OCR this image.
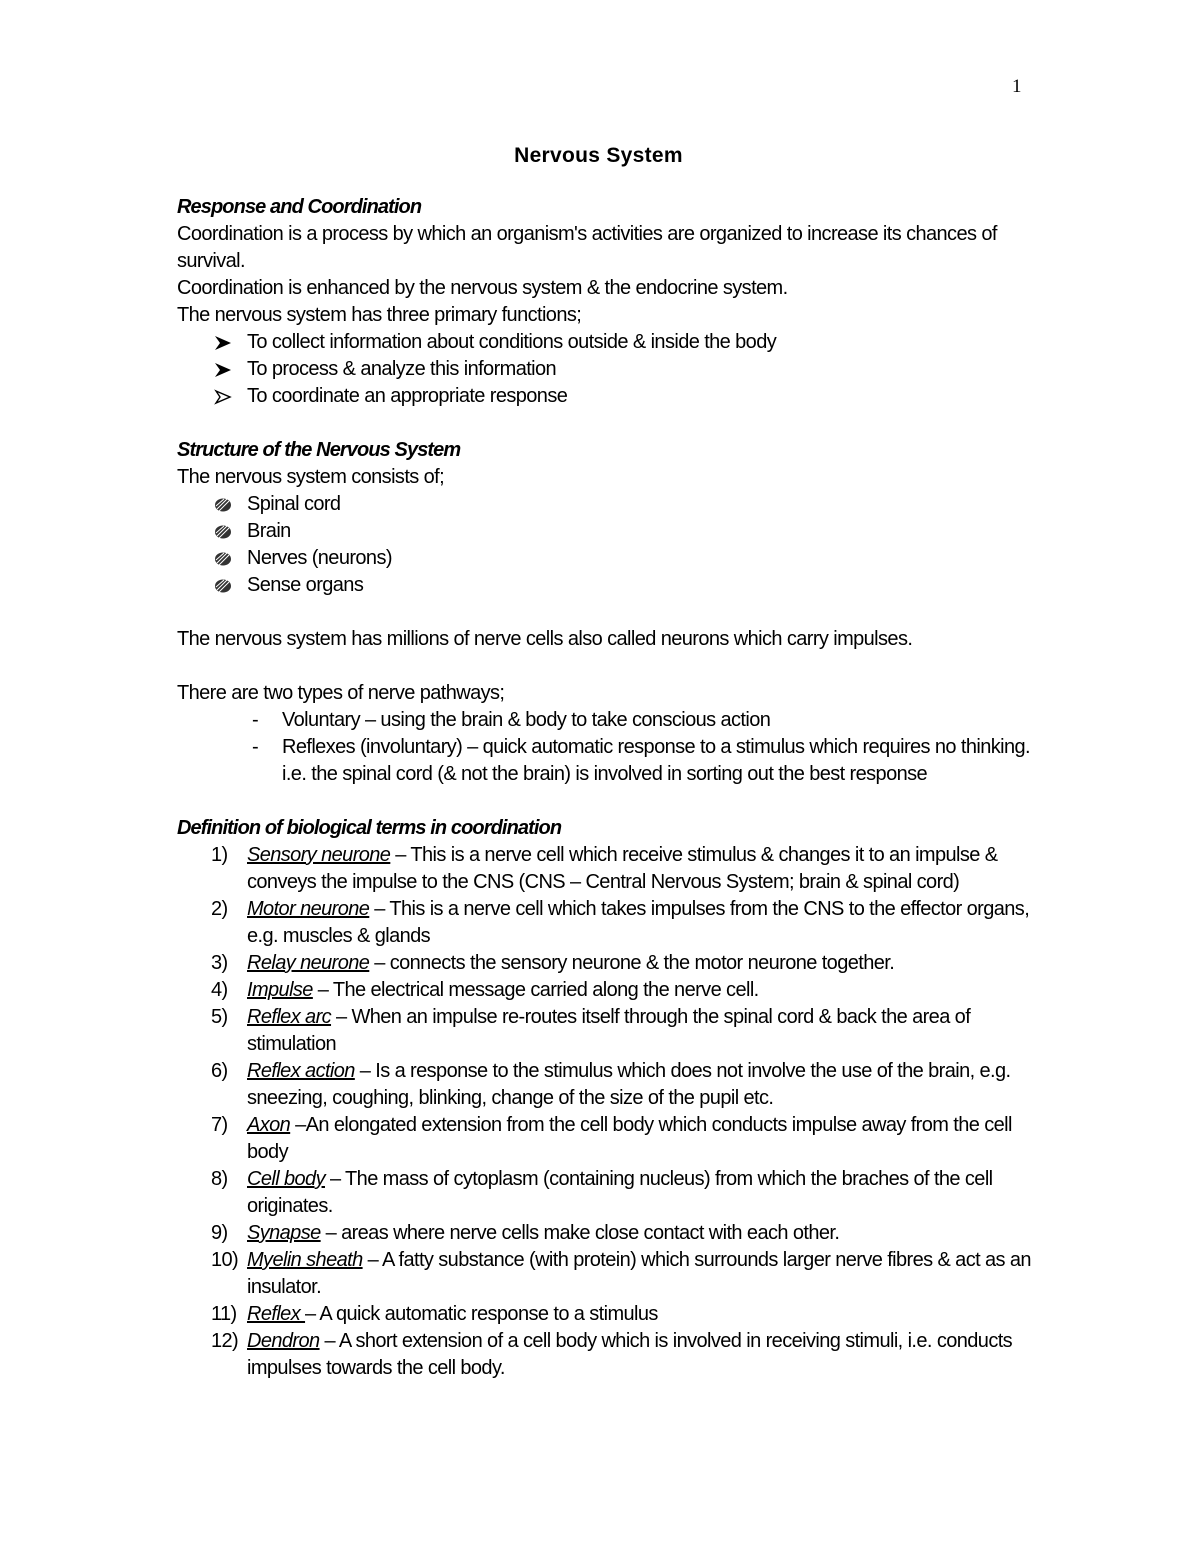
1
Nervous System

Response and Coordination

Coordination is a process by which an organism's activities are organized to increase its chances of survival.

Coordination is enhanced by the nervous system & the endocrine system.

The nervous system has three primary functions;

To collect information about conditions outside & inside the body
To process & analyze this information
To coordinate an appropriate response

Structure of the Nervous System

The nervous system consists of;

Spinal cord
Brain
Nerves (neurons)
Sense organs

The nervous system has millions of nerve cells also called neurons which carry impulses.

There are two types of nerve pathways;

- Voluntary – using the brain & body to take conscious action
- Reflexes (involuntary) – quick automatic response to a stimulus which requires no thinking. i.e. the spinal cord (& not the brain) is involved in sorting out the best response

Definition of biological terms in coordination

1) Sensory neurone – This is a nerve cell which receive stimulus & changes it to an impulse & conveys the impulse to the CNS (CNS – Central Nervous System; brain & spinal cord)
2) Motor neurone – This is a nerve cell which takes impulses from the CNS to the effector organs, e.g. muscles & glands
3) Relay neurone – connects the sensory neurone & the motor neurone together.
4) Impulse – The electrical message carried along the nerve cell.
5) Reflex arc – When an impulse re-routes itself through the spinal cord & back the area of stimulation
6) Reflex action – Is a response to the stimulus which does not involve the use of the brain, e.g. sneezing, coughing, blinking, change of the size of the pupil etc.
7) Axon –An elongated extension from the cell body which conducts impulse away from the cell body
8) Cell body – The mass of cytoplasm (containing nucleus) from which the braches of the cell originates.
9) Synapse – areas where nerve cells make close contact with each other.
10) Myelin sheath – A fatty substance (with protein) which surrounds larger nerve fibres & act as an insulator.
11) Reflex – A quick automatic response to a stimulus
12) Dendron – A short extension of a cell body which is involved in receiving stimuli, i.e. conducts impulses towards the cell body.
